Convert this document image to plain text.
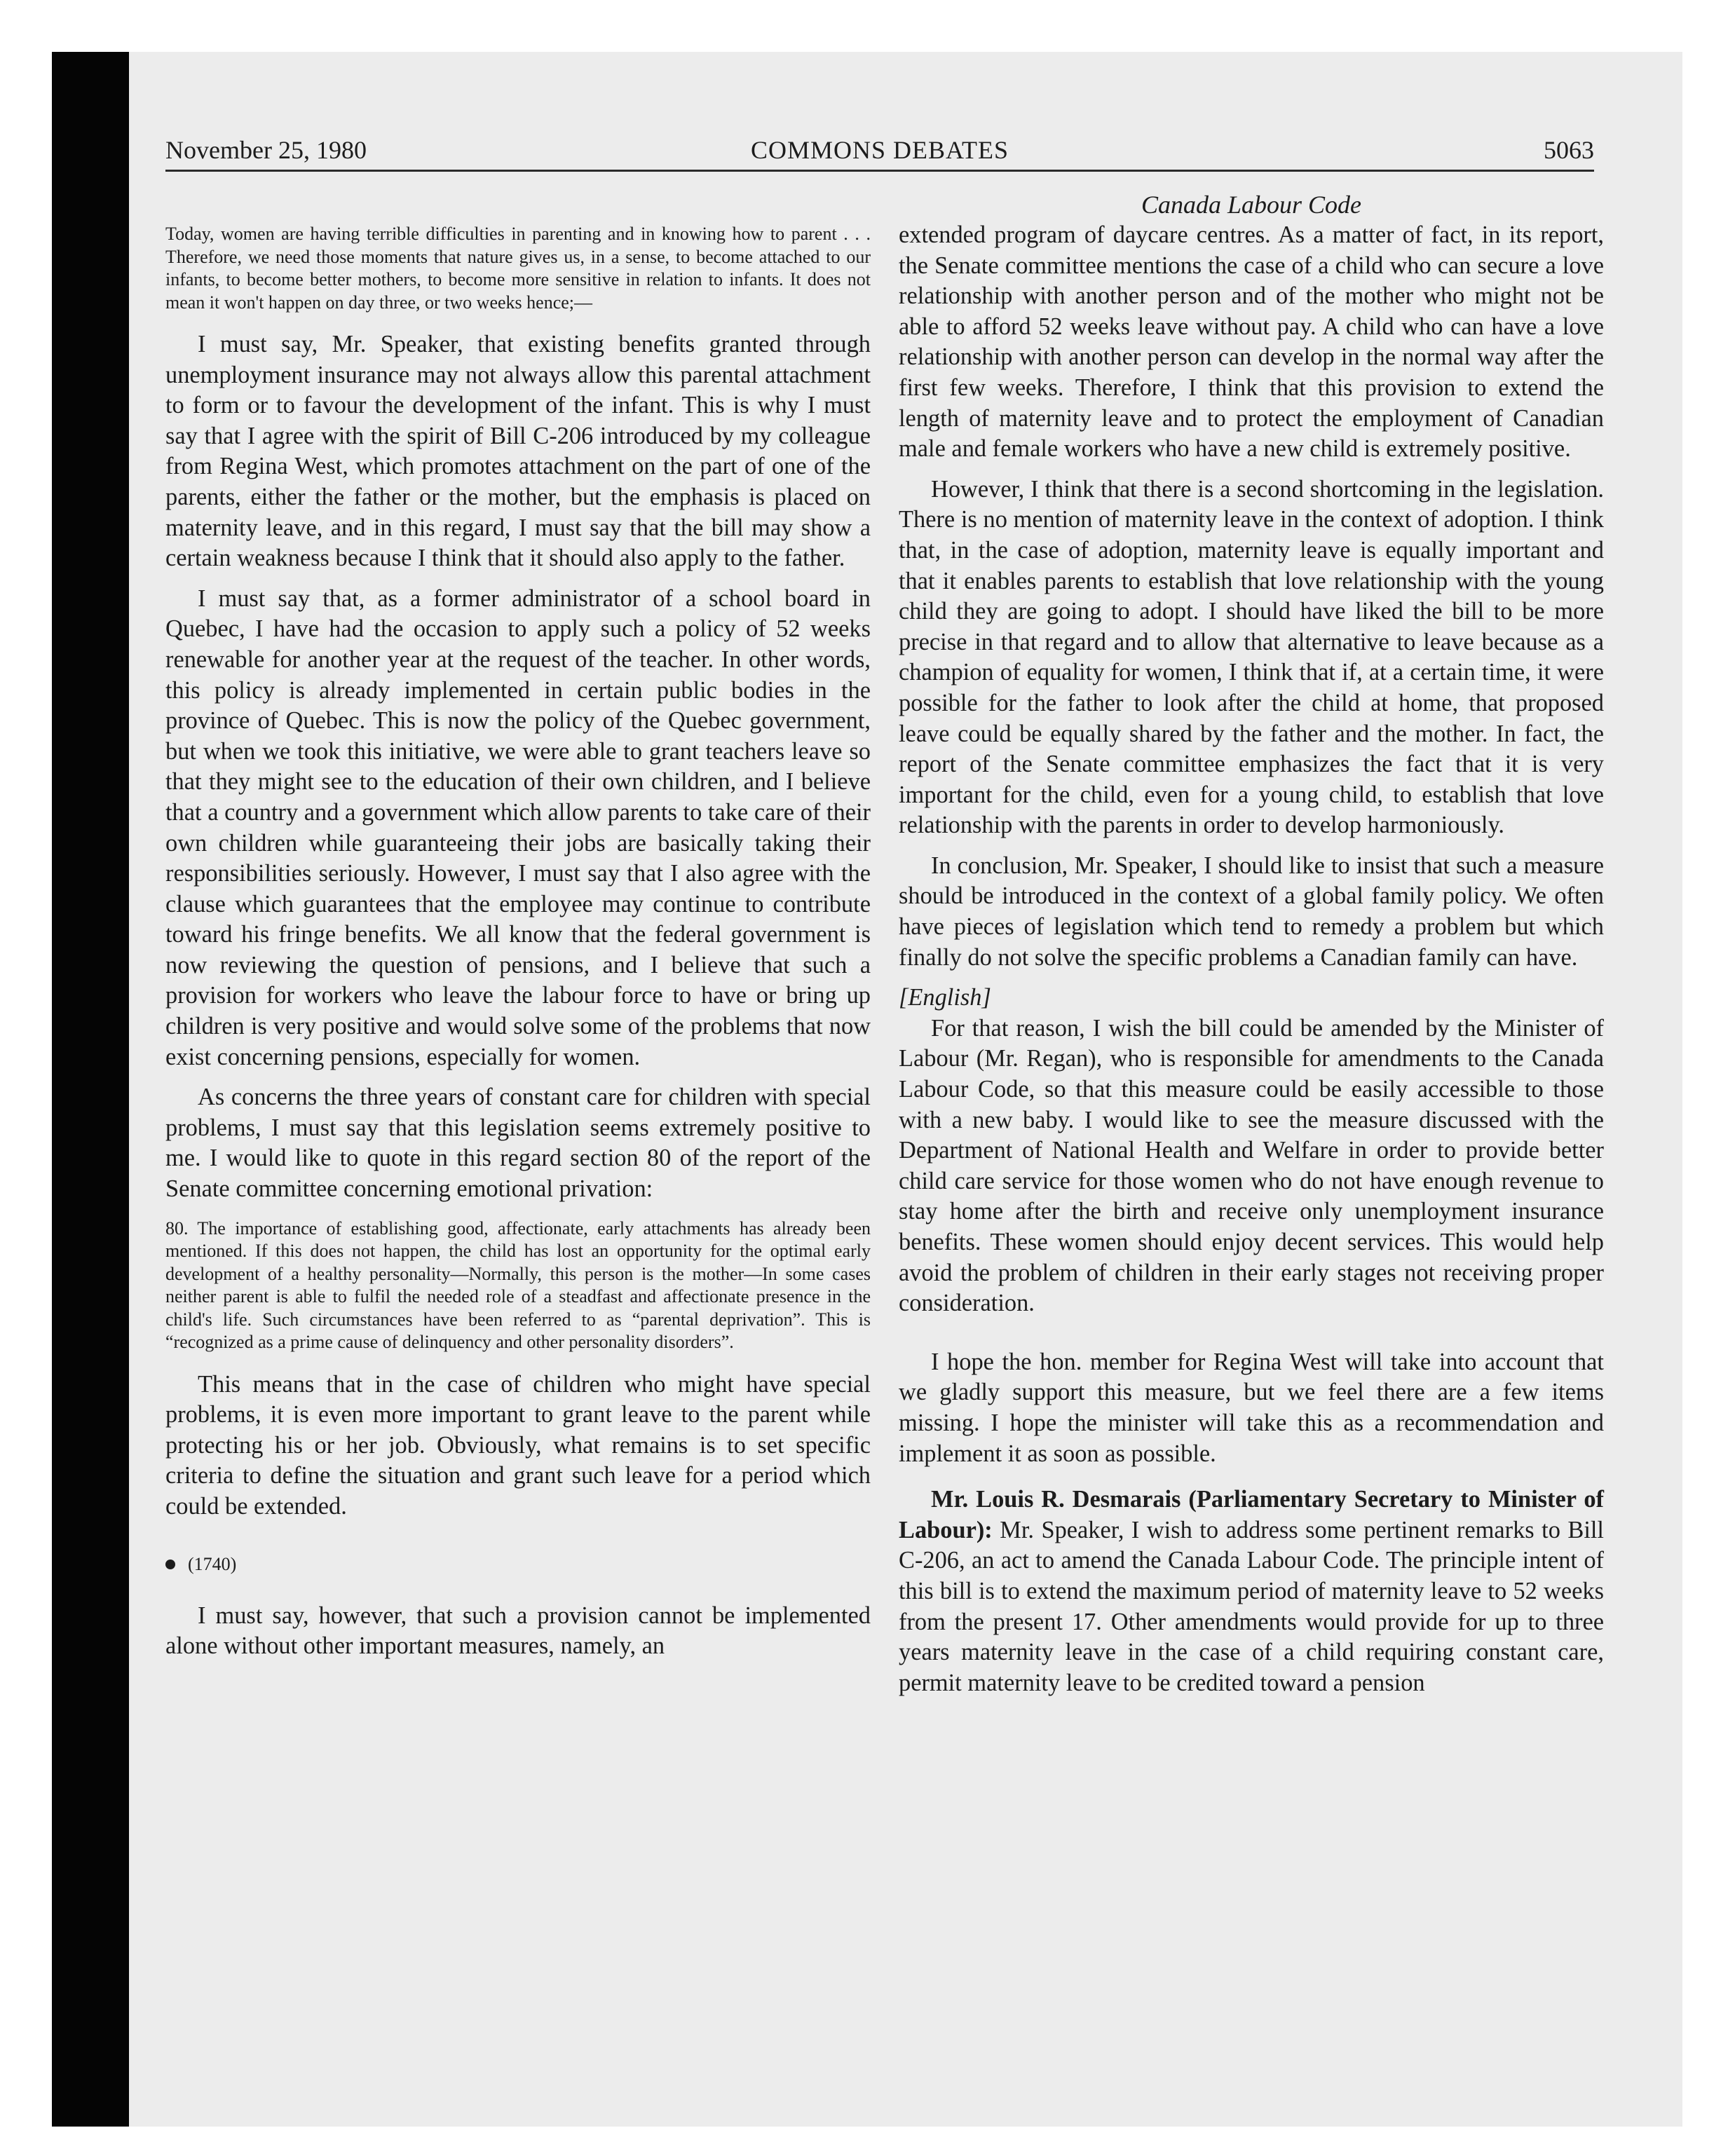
November 25, 1980	COMMONS DEBATES	5063

Today, women are having terrible difficulties in parenting and in knowing how to parent . . . Therefore, we need those moments that nature gives us, in a sense, to become attached to our infants, to become better mothers, to become more sensitive in relation to infants. It does not mean it won't happen on day three, or two weeks hence;—

I must say, Mr. Speaker, that existing benefits granted through unemployment insurance may not always allow this parental attachment to form or to favour the development of the infant. This is why I must say that I agree with the spirit of Bill C-206 introduced by my colleague from Regina West, which promotes attachment on the part of one of the parents, either the father or the mother, but the emphasis is placed on maternity leave, and in this regard, I must say that the bill may show a certain weakness because I think that it should also apply to the father.

I must say that, as a former administrator of a school board in Quebec, I have had the occasion to apply such a policy of 52 weeks renewable for another year at the request of the teacher. In other words, this policy is already implemented in certain public bodies in the province of Quebec. This is now the policy of the Quebec government, but when we took this initiative, we were able to grant teachers leave so that they might see to the education of their own children, and I believe that a country and a government which allow parents to take care of their own children while guaranteeing their jobs are basically taking their responsibilities seriously. However, I must say that I also agree with the clause which guarantees that the employee may continue to contribute toward his fringe benefits. We all know that the federal government is now reviewing the question of pensions, and I believe that such a provision for workers who leave the labour force to have or bring up children is very positive and would solve some of the problems that now exist concerning pensions, especially for women.

As concerns the three years of constant care for children with special problems, I must say that this legislation seems extremely positive to me. I would like to quote in this regard section 80 of the report of the Senate committee concerning emotional privation:

80. The importance of establishing good, affectionate, early attachments has already been mentioned. If this does not happen, the child has lost an opportunity for the optimal early development of a healthy personality—Normally, this person is the mother—In some cases neither parent is able to fulfil the needed role of a steadfast and affectionate presence in the child's life. Such circumstances have been referred to as “parental deprivation”. This is “recognized as a prime cause of delinquency and other personality disorders”.

This means that in the case of children who might have special problems, it is even more important to grant leave to the parent while protecting his or her job. Obviously, what remains is to set specific criteria to define the situation and grant such leave for a period which could be extended.

(1740)

I must say, however, that such a provision cannot be implemented alone without other important measures, namely, an

Canada Labour Code

extended program of daycare centres. As a matter of fact, in its report, the Senate committee mentions the case of a child who can secure a love relationship with another person and of the mother who might not be able to afford 52 weeks leave without pay. A child who can have a love relationship with another person can develop in the normal way after the first few weeks. Therefore, I think that this provision to extend the length of maternity leave and to protect the employment of Canadian male and female workers who have a new child is extremely positive.

However, I think that there is a second shortcoming in the legislation. There is no mention of maternity leave in the context of adoption. I think that, in the case of adoption, maternity leave is equally important and that it enables parents to establish that love relationship with the young child they are going to adopt. I should have liked the bill to be more precise in that regard and to allow that alternative to leave because as a champion of equality for women, I think that if, at a certain time, it were possible for the father to look after the child at home, that proposed leave could be equally shared by the father and the mother. In fact, the report of the Senate committee emphasizes the fact that it is very important for the child, even for a young child, to establish that love relationship with the parents in order to develop harmoniously.

In conclusion, Mr. Speaker, I should like to insist that such a measure should be introduced in the context of a global family policy. We often have pieces of legislation which tend to remedy a problem but which finally do not solve the specific problems a Canadian family can have.

[English]

For that reason, I wish the bill could be amended by the Minister of Labour (Mr. Regan), who is responsible for amendments to the Canada Labour Code, so that this measure could be easily accessible to those with a new baby. I would like to see the measure discussed with the Department of National Health and Welfare in order to provide better child care service for those women who do not have enough revenue to stay home after the birth and receive only unemployment insurance benefits. These women should enjoy decent services. This would help avoid the problem of children in their early stages not receiving proper consideration.

I hope the hon. member for Regina West will take into account that we gladly support this measure, but we feel there are a few items missing. I hope the minister will take this as a recommendation and implement it as soon as possible.

Mr. Louis R. Desmarais (Parliamentary Secretary to Minister of Labour): Mr. Speaker, I wish to address some pertinent remarks to Bill C-206, an act to amend the Canada Labour Code. The principle intent of this bill is to extend the maximum period of maternity leave to 52 weeks from the present 17. Other amendments would provide for up to three years maternity leave in the case of a child requiring constant care, permit maternity leave to be credited toward a pension
